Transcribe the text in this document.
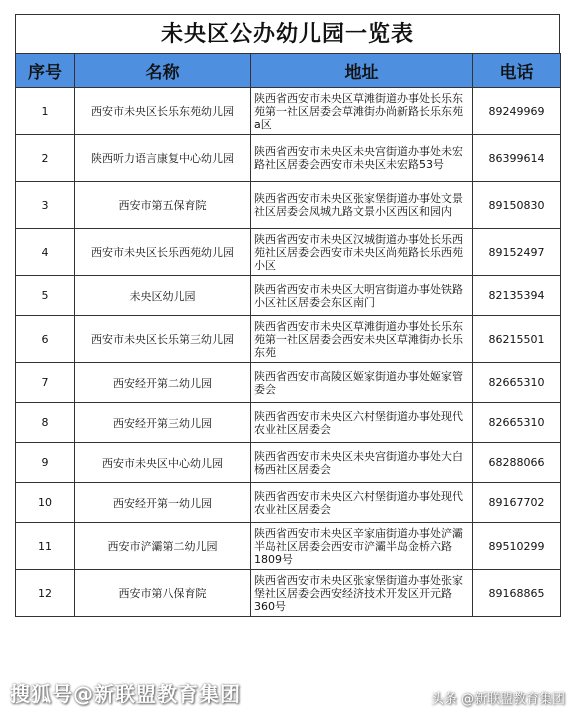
未央区公办幼儿园一览表
序号	名称	地址	电话
1	西安市未央区长乐东苑幼儿园	陕西省西安市未央区草滩街道办事处长乐东苑第一社区居委会草滩街办尚新路长乐东苑a区	89249969
2	陕西听力语言康复中心幼儿园	陕西省西安市未央区未央宫街道办事处未宏路社区居委会西安市未央区未宏路53号	86399614
3	西安市第五保育院	陕西省西安市未央区张家堡街道办事处文景社区居委会凤城九路文景小区西区和园内	89150830
4	西安市未央区长乐西苑幼儿园	陕西省西安市未央区汉城街道办事处长乐西苑社区居委会西安市未央区尚苑路长乐西苑小区	89152497
5	未央区幼儿园	陕西省西安市未央区大明宫街道办事处铁路小区社区居委会东区南门	82135394
6	西安市未央区长乐第三幼儿园	陕西省西安市未央区草滩街道办事处长乐东苑第一社区居委会西安未央区草滩街办长乐东苑	86215501
7	西安经开第二幼儿园	陕西省西安市高陵区姬家街道办事处姬家管委会	82665310
8	西安经开第三幼儿园	陕西省西安市未央区六村堡街道办事处现代农业社区居委会	82665310
9	西安市未央区中心幼儿园	陕西省西安市未央区未央宫街道办事处大白杨西社区居委会	68288066
10	西安经开第一幼儿园	陕西省西安市未央区六村堡街道办事处现代农业社区居委会	89167702
11	西安市浐灞第二幼儿园	陕西省西安市未央区辛家庙街道办事处浐灞半岛社区居委会西安市浐灞半岛金桥六路1809号	89510299
12	西安市第八保育院	陕西省西安市未央区张家堡街道办事处张家堡社区居委会西安经济技术开发区开元路360号	89168865
搜狐号@新联盟教育集团	头条 @新联盟教育集团
